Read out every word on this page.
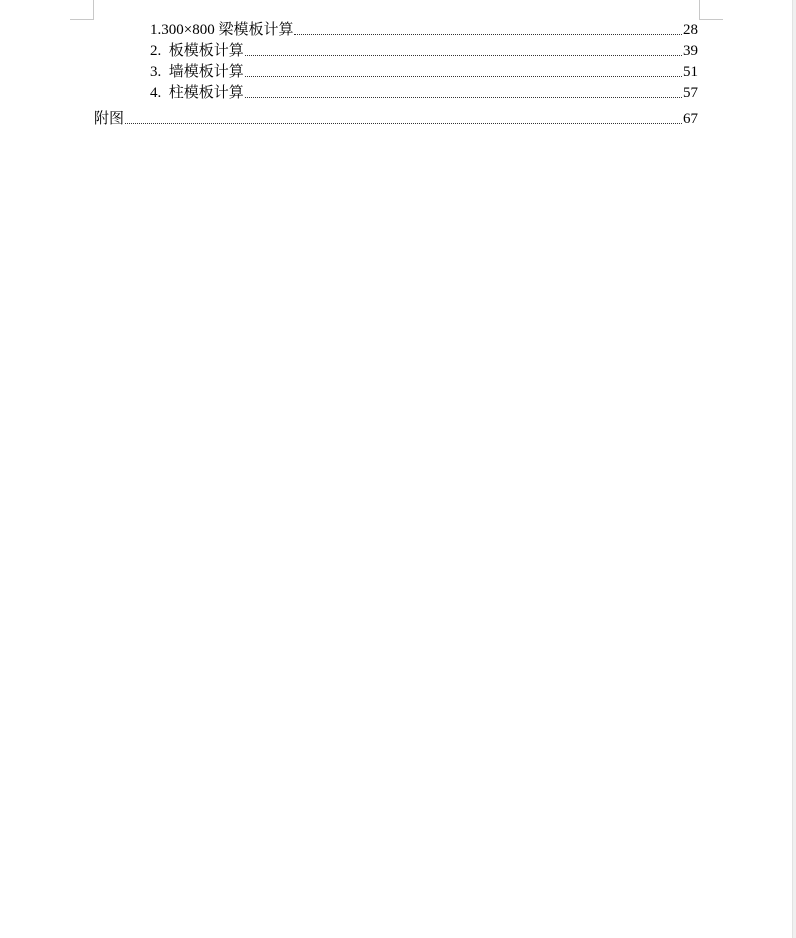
1. 300×800 梁模板计算	28
2. 板模板计算	39
3. 墙模板计算	51
4. 柱模板计算	57
附图	67
